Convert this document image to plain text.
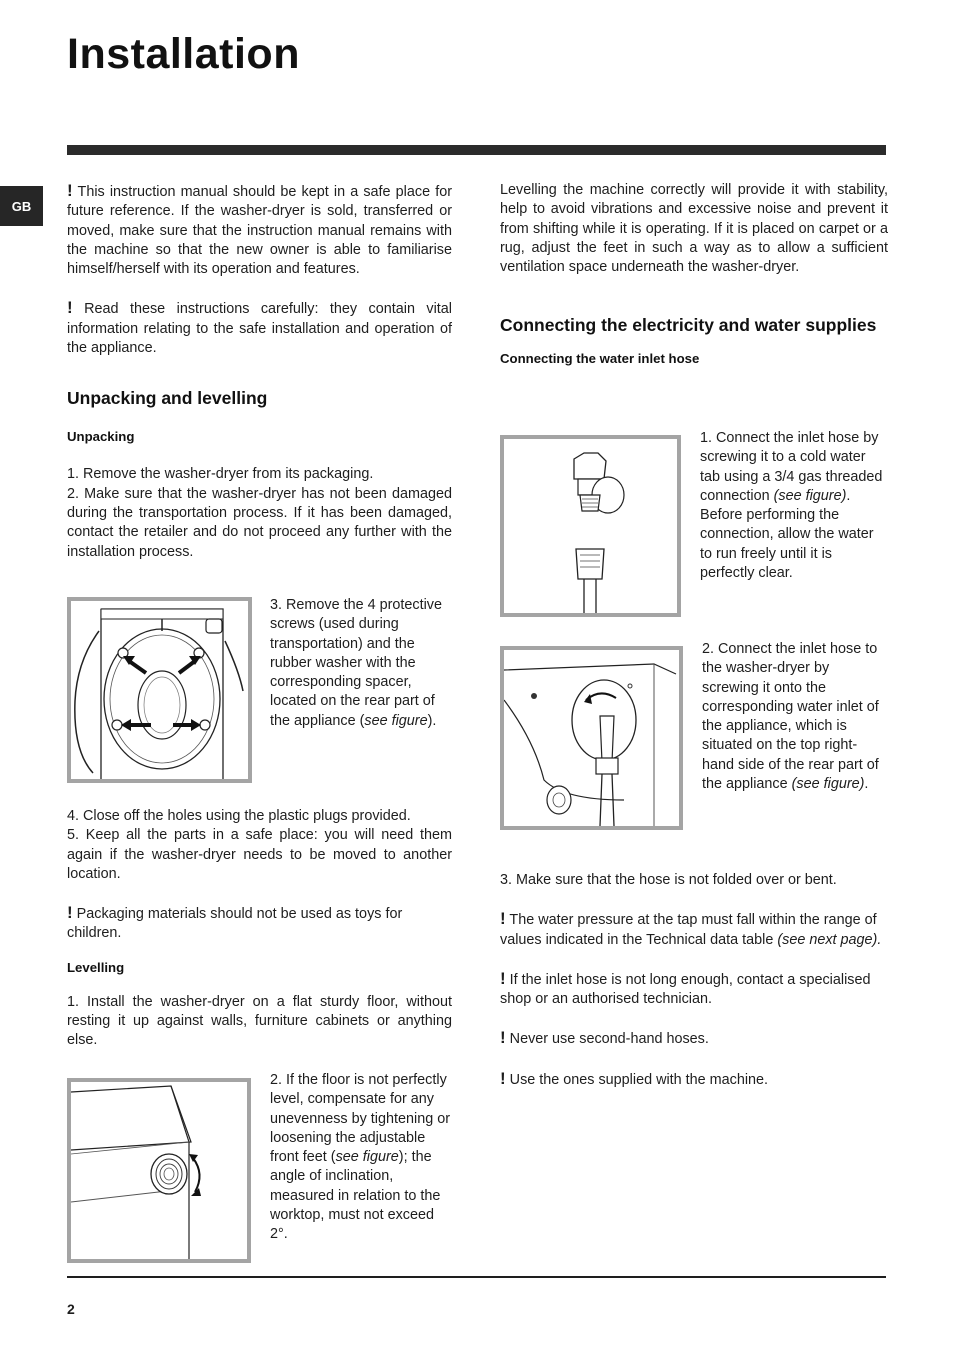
Installation
GB

! This instruction manual should be kept in a safe place for future reference. If the washer-dryer is sold, transferred or moved, make sure that the instruction manual remains with the machine so that the new owner is able to familiarise himself/herself with its operation and features.

! Read these instructions carefully: they contain vital information relating to the safe installation and operation of the appliance.

Unpacking and levelling
Unpacking

1. Remove the washer-dryer from its packaging.

2. Make sure that the washer-dryer has not been damaged during the transportation process. If it has been damaged, contact the retailer and do not proceed any further with the installation process.

3. Remove the 4 protective screws (used during transportation) and the rubber washer with the corresponding spacer, located on the rear part of the appliance (see figure).

4. Close off the holes using the plastic plugs provided.

5. Keep all the parts in a safe place: you will need them again if the washer-dryer needs to be moved to another location.

! Packaging materials should not be used as toys for children.

Levelling

1. Install the washer-dryer on a flat sturdy floor, without resting it up against walls, furniture cabinets or anything else.

2. If the floor is not perfectly level, compensate for any unevenness by tightening or loosening the adjustable front feet (see figure); the angle of inclination, measured in relation to the worktop, must not exceed 2°.

Levelling the machine correctly will provide it with stability, help to avoid vibrations and excessive noise and prevent it from shifting while it is operating. If it is placed on carpet or a rug, adjust the feet in such a way as to allow a sufficient ventilation space underneath the washer-dryer.

Connecting the electricity and water supplies
Connecting the water inlet hose
1. Connect the inlet hose by screwing it to a cold water tab using a 3/4 gas threaded connection (see figure).
Before performing the connection, allow the water to run freely until it is perfectly clear.
2. Connect the inlet hose to the washer-dryer by screwing it onto the corresponding water inlet of the appliance, which is situated on the top right-hand side of the rear part of the appliance (see figure).

3. Make sure that the hose is not folded over or bent.

! The water pressure at the tap must fall within the range of values indicated in the Technical data table (see next page).

! If the inlet hose is not long enough, contact a specialised shop or an authorised technician.

! Never use second-hand hoses.

! Use the ones supplied with the machine.

2
